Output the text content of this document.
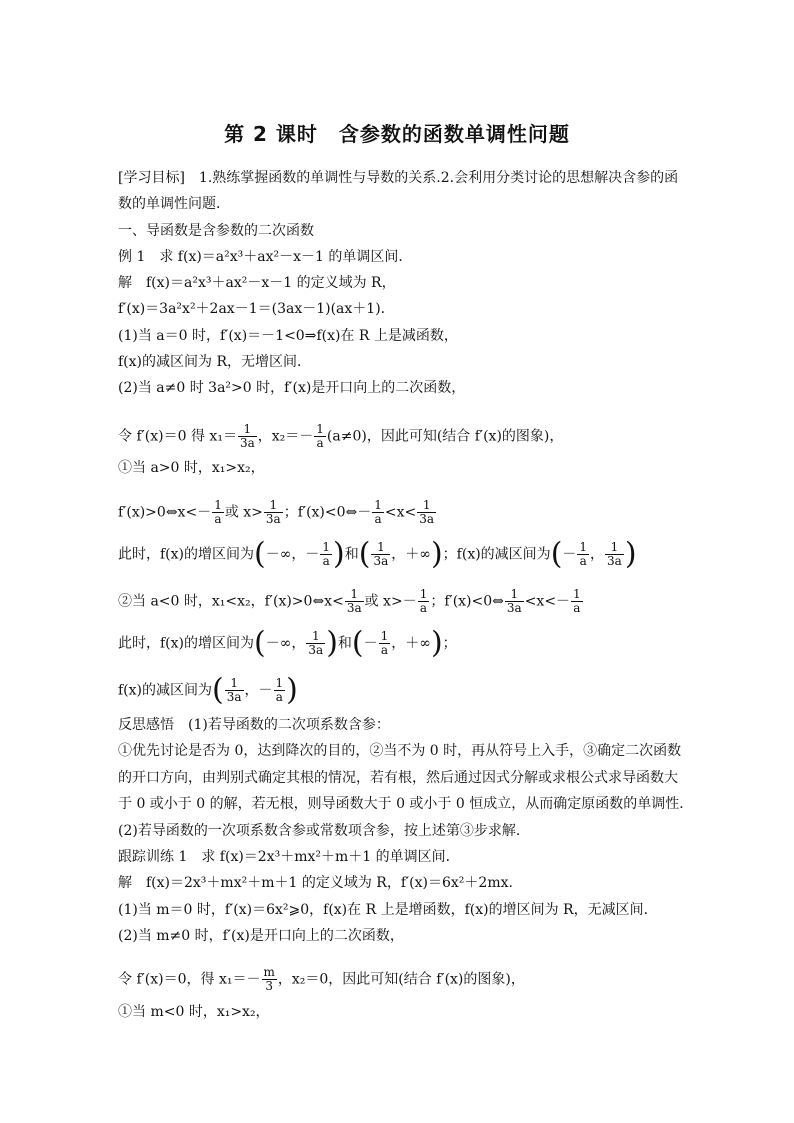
第 2 课时　含参数的函数单调性问题
[学习目标]　1.熟练掌握函数的单调性与导数的关系.2.会利用分类讨论的思想解决含参的函
数的单调性问题．
一、导函数是含参数的二次函数
例 1　求 f(x)＝a²x³＋ax²－x－1 的单调区间．
解　f(x)＝a²x³＋ax²－x－1 的定义域为 R，
f′(x)＝3a²x²＋2ax－1＝(3ax－1)(ax＋1)．
(1)当 a＝0 时，f′(x)＝－1<0⇒f(x)在 R 上是减函数，
f(x)的减区间为 R，无增区间．
(2)当 a≠0 时 3a²>0 时，f′(x)是开口向上的二次函数，
令 f′(x)＝0 得 $x_1= \frac{1}{3a}$ ，$x_2=- \frac{1}{a} (a\ne 0)$，因此可知(结合 f′(x)的图象)，
①当 a>0 时，x₁>x₂，
f′(x)>0⇔x<－ $\frac{1}{a}$ 或 $x> \frac{1}{3a}$ ；f′(x)<0⇔－ $\frac{1}{a} <x< \frac{1}{3a}$
此时，f(x)的增区间为(－∞，－ $\frac{1}{a}$ )和( $\frac{1}{3a}$ ，＋∞)；f(x)的减区间为(－ $\frac{1}{a}$ ， $\frac{1}{3a}$ )
②当 a<0 时，x₁<x₂，f′(x)>0⇔x< $\frac{1}{3a}$ 或 $x>- \frac{1}{a}$ ；f′(x)<0⇔ $\frac{1}{3a} <x<- \frac{1}{a}$
此时，f(x)的增区间为(－∞， $\frac{1}{3a}$ )和(－ $\frac{1}{a}$ ，＋∞)；
f(x)的减区间为( $\frac{1}{3a}$ ，－ $\frac{1}{a}$ )
反思感悟　(1)若导函数的二次项系数含参：
①优先讨论是否为 0，达到降次的目的，②当不为 0 时，再从符号上入手，③确定二次函数
的开口方向，由判别式确定其根的情况，若有根，然后通过因式分解或求根公式求导函数大
于 0 或小于 0 的解，若无根，则导函数大于 0 或小于 0 恒成立，从而确定原函数的单调性．
(2)若导函数的一次项系数含参或常数项含参，按上述第③步求解．
跟踪训练 1　求 f(x)＝2x³＋mx²＋m＋1 的单调区间．
解　f(x)＝2x³＋mx²＋m＋1 的定义域为 R，f′(x)＝6x²＋2mx.
(1)当 m＝0 时，f′(x)＝6x²⩾0，f(x)在 R 上是增函数，f(x)的增区间为 R，无减区间．
(2)当 m≠0 时，f′(x)是开口向上的二次函数，
令 f′(x)＝0，得 $x_1=- \frac{m}{3}$ ，x₂＝0，因此可知(结合 f′(x)的图象)，
①当 m<0 时，x₁>x₂，
